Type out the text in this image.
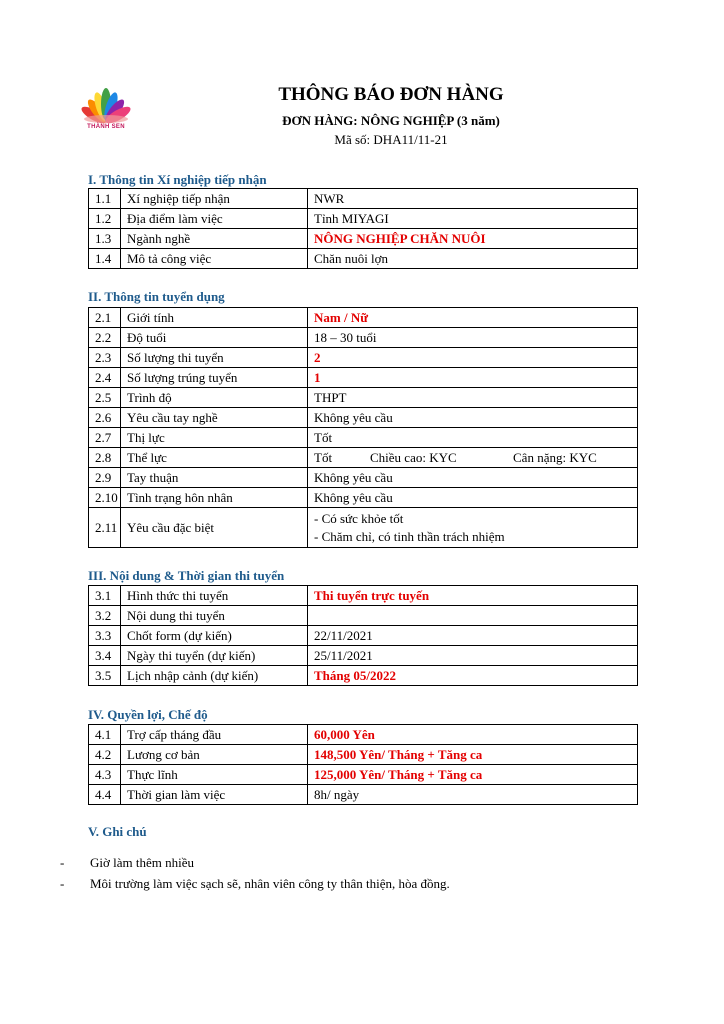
THÀNH SEN
THÔNG BÁO ĐƠN HÀNG
ĐƠN HÀNG: NÔNG NGHIỆP (3 năm)
Mã số: DHA11/11-21
I. Thông tin Xí nghiệp tiếp nhận
1.1	Xí nghiệp tiếp nhận	NWR
1.2	Địa điểm làm việc	Tỉnh MIYAGI
1.3	Ngành nghề	NÔNG NGHIỆP CHĂN NUÔI
1.4	Mô tả công việc	Chăn nuôi lợn
II. Thông tin tuyển dụng
2.1	Giới tính	Nam / Nữ
2.2	Độ tuổi	18 – 30 tuổi
2.3	Số lượng thi tuyển	2
2.4	Số lượng trúng tuyển	1
2.5	Trình độ	THPT
2.6	Yêu cầu tay nghề	Không yêu cầu
2.7	Thị lực	Tốt
2.8	Thể lực	Tốt Chiều cao: KYC Cân nặng: KYC

2.9	Tay thuận	Không yêu cầu
2.10	Tình trạng hôn nhân	Không yêu cầu
2.11	Yêu cầu đặc biệt	- Có sức khỏe tốt
- Chăm chỉ, có tinh thần trách nhiệm
III. Nội dung & Thời gian thi tuyển
3.1	Hình thức thi tuyển	Thi tuyển trực tuyến
3.2	Nội dung thi tuyển	
3.3	Chốt form (dự kiến)	22/11/2021
3.4	Ngày thi tuyển (dự kiến)	25/11/2021
3.5	Lịch nhập cảnh (dự kiến)	Tháng 05/2022
IV. Quyền lợi, Chế độ
4.1	Trợ cấp tháng đầu	60,000 Yên
4.2	Lương cơ bản	148,500 Yên/ Tháng + Tăng ca
4.3	Thực lĩnh	125,000 Yên/ Tháng + Tăng ca
4.4	Thời gian làm việc	8h/ ngày
V. Ghi chú
-	Giờ làm thêm nhiều
-	Môi trường làm việc sạch sẽ, nhân viên công ty thân thiện, hòa đồng.
